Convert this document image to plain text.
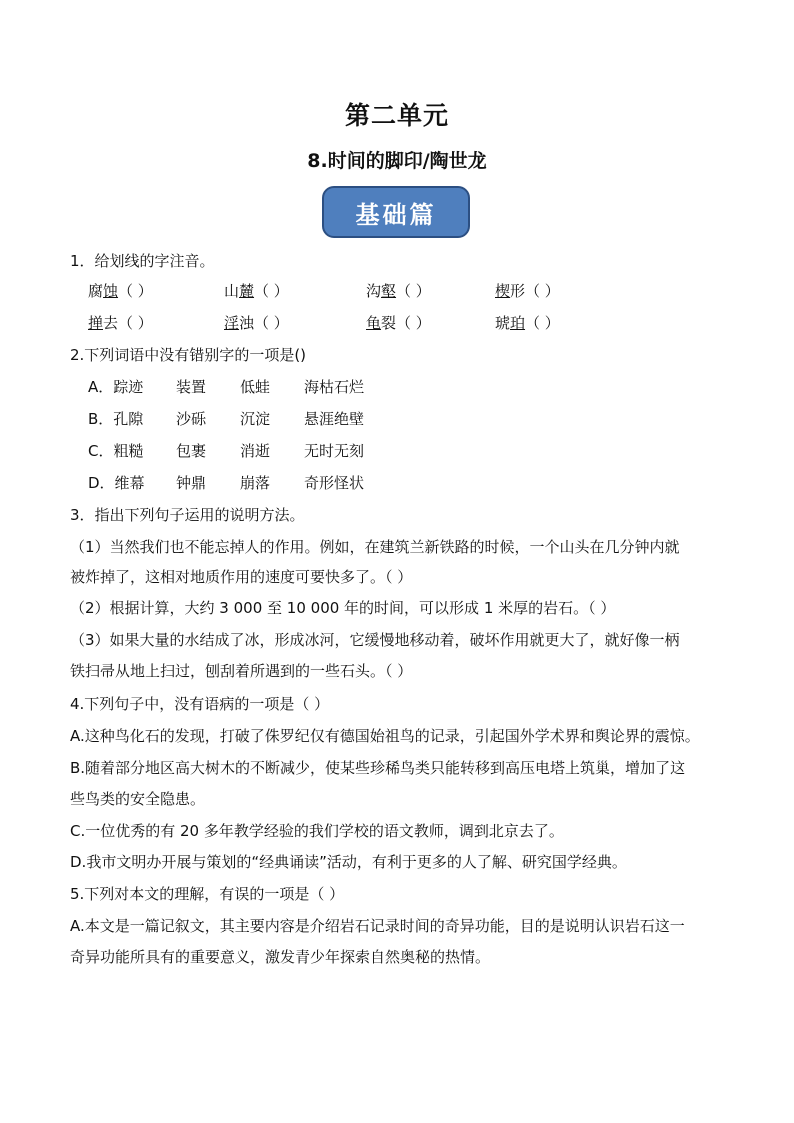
第二单元
8.时间的脚印/陶世龙
基础篇
1．给划线的字注音。
腐蚀（ ）	山麓（ ）	沟壑（ ）	楔形（ ）
掸去（ ）	淫浊（ ）	龟裂（ ）	琥珀（ ）
2.下列词语中没有错别字的一项是()
A．踪迹 装置 低蛙 海枯石烂
B．孔隙 沙砾 沉淀 悬涯绝壁
C．粗糙 包裹 消逝 无时无刻
D．维幕 钟鼎 崩落 奇形怪状
3．指出下列句子运用的说明方法。
（1）当然我们也不能忘掉人的作用。例如，在建筑兰新铁路的时候，一个山头在几分钟内就
被炸掉了，这相对地质作用的速度可要快多了。（ ）
（2）根据计算，大约 3 000 至 10 000 年的时间，可以形成 1 米厚的岩石。（ ）
（3）如果大量的水结成了冰，形成冰河，它缓慢地移动着，破坏作用就更大了，就好像一柄
铁扫帚从地上扫过，刨刮着所遇到的一些石头。（ ）
4.下列句子中，没有语病的一项是（ ）
A.这种鸟化石的发现，打破了侏罗纪仅有德国始祖鸟的记录，引起国外学术界和舆论界的震惊。
B.随着部分地区高大树木的不断减少，使某些珍稀鸟类只能转移到高压电塔上筑巢，增加了这
些鸟类的安全隐患。
C.一位优秀的有 20 多年教学经验的我们学校的语文教师，调到北京去了。
D.我市文明办开展与策划的“经典诵读”活动，有利于更多的人了解、研究国学经典。
5.下列对本文的理解，有误的一项是（ ）
A.本文是一篇记叙文，其主要内容是介绍岩石记录时间的奇异功能，目的是说明认识岩石这一
奇异功能所具有的重要意义，激发青少年探索自然奥秘的热情。
